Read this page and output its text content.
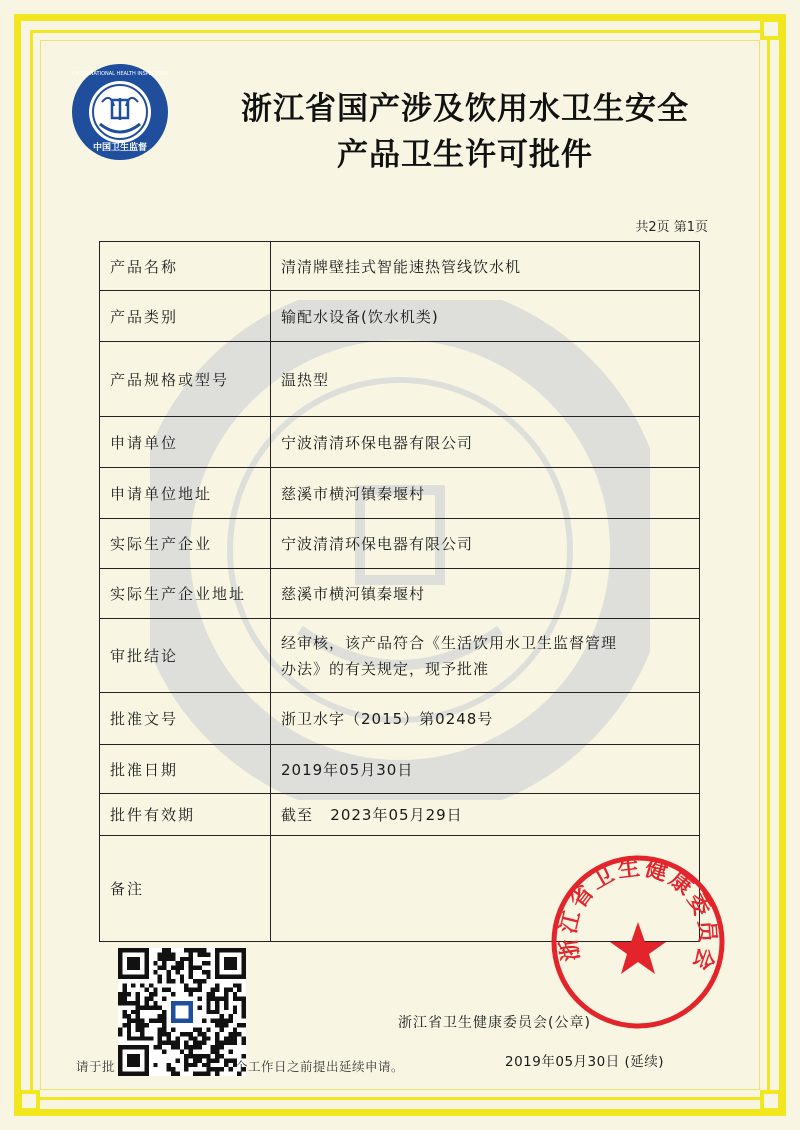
中国卫生监督
CHINA NATIONAL HEALTH INSPECTION
浙江省国产涉及饮用水卫生安全
产品卫生许可批件
共2页 第1页
产品名称	清清牌壁挂式智能速热管线饮水机
产品类别	输配水设备(饮水机类)
产品规格或型号	温热型
申请单位	宁波清清环保电器有限公司
申请单位地址	慈溪市横河镇秦堰村
实际生产企业	宁波清清环保电器有限公司
实际生产企业地址	慈溪市横河镇秦堰村
审批结论	经审核，该产品符合《生活饮用水卫生监督管理
办法》的有关规定，现予批准

批准文号	浙卫水字（2015）第0248号
批准日期	2019年05月30日
批件有效期	截至   2023年05月29日
备注	
浙江省卫生健康委员会
浙江省卫生健康委员会(公章)
请于批	个工作日之前提出延续申请。	2019年05月30日 (延续)
